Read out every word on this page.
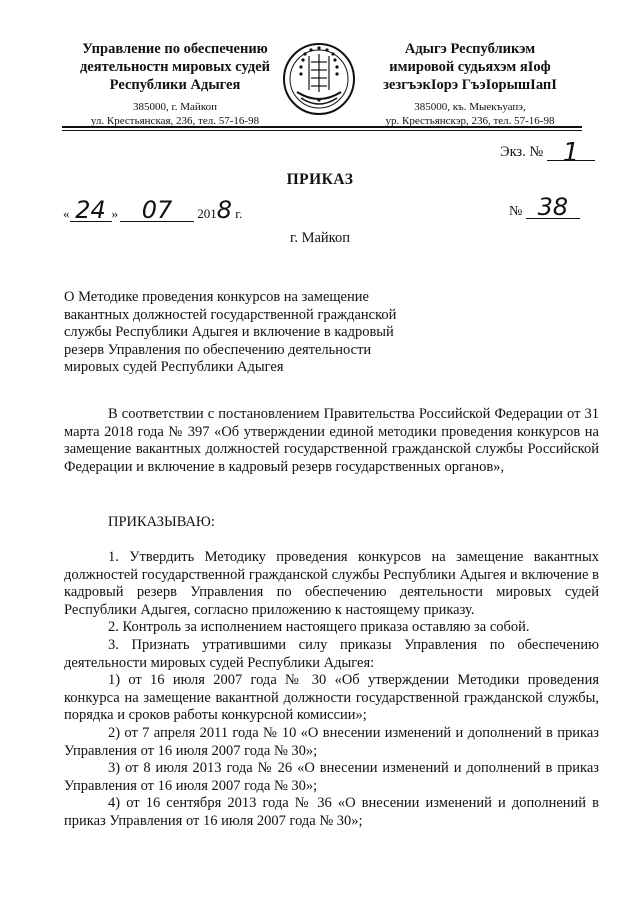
Управление по обеспечению
деятельностн мировых судей
Республики Адыгея
385000, г. Майкоп
ул. Крестьянская, 236, тел. 57-16-98
Адыгэ Республикэм
имировой судьяхэм яIоф
зезгъэкIорэ ГъэIорышIапI
385000, къ. Мыекъуапэ,
ур. Крестьянскэр, 236, тел. 57-16-98
Экз. № 1
ПРИКАЗ
« 24 » 07 2018 г.	№ 38
г. Майкоп
О Методике проведения конкурсов на замещение вакантных должностей государственной гражданской службы Республики Адыгея и включение в кадровый резерв Управления по обеспечению деятельности мировых судей Республики Адыгея
В соответствии с постановлением Правительства Российской Федерации от 31 марта 2018 года № 397 «Об утверждении единой методики проведения конкурсов на замещение вакантных должностей государственной гражданской службы Российской Федерации и включение в кадровый резерв государственных органов»,
ПРИКАЗЫВАЮ:
1. Утвердить Методику проведения конкурсов на замещение вакантных должностей государственной гражданской службы Республики Адыгея и включение в кадровый резерв Управления по обеспечению деятельности мировых судей Республики Адыгея, согласно приложению к настоящему приказу.
2. Контроль за исполнением настоящего приказа оставляю за собой.
3. Признать утратившими силу приказы Управления по обеспечению деятельности мировых судей Республики Адыгея:
1) от 16 июля 2007 года № 30 «Об утверждении Методики проведения конкурса на замещение вакантной должности государственной гражданской службы, порядка и сроков работы конкурсной комиссии»;
2) от 7 апреля 2011 года № 10 «О внесении изменений и дополнений в приказ Управления от 16 июля 2007 года № 30»;
3) от 8 июля 2013 года № 26 «О внесении изменений и дополнений в приказ Управления от 16 июля 2007 года № 30»;
4) от 16 сентября 2013 года № 36 «О внесении изменений и дополнений в приказ Управления от 16 июля 2007 года № 30»;
